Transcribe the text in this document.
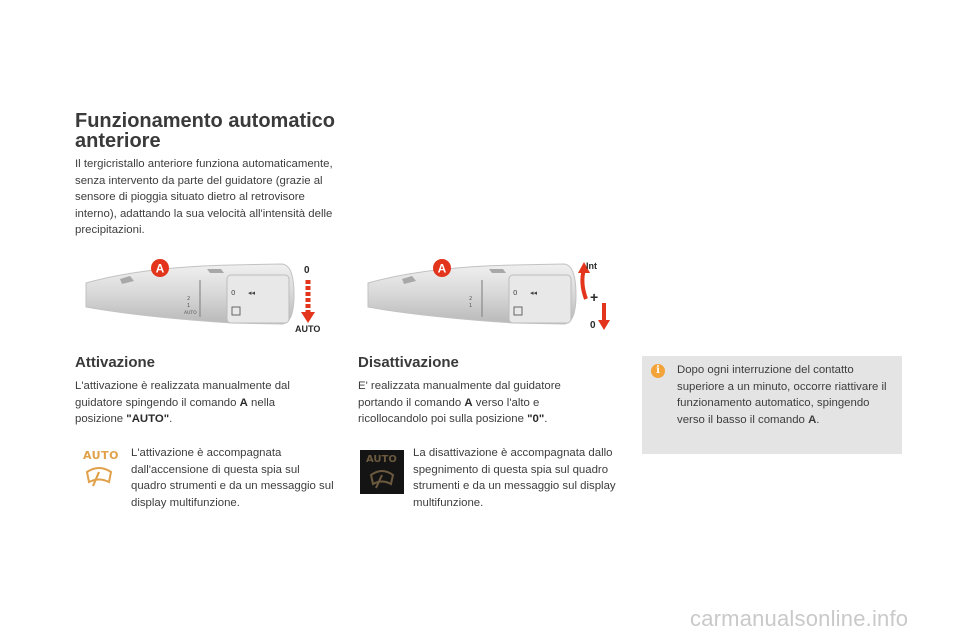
Funzionamento automatico anteriore
Il tergicristallo anteriore funziona automaticamente, senza intervento da parte del guidatore (grazie al sensore di pioggia situato dietro al retrovisore interno), adattando la sua velocità all'intensità delle precipitazioni.
2
1
AUTO
0 ◂◂
A	0
AUTO
2
1
0 ◂◂
A	Int
+
0
Attivazione
L'attivazione è realizzata manualmente dal guidatore spingendo il comando A nella posizione "AUTO".
AUTO L'attivazione è accompagnata dall'accensione di questa spia sul quadro strumenti e da un messaggio sul display multifunzione.
Disattivazione
E' realizzata manualmente dal guidatore portando il comando A verso l'alto e ricollocandolo poi sulla posizione "0".
AUTO
La disattivazione è accompagnata dallo spegnimento di questa spia sul quadro strumenti e da un messaggio sul display multifunzione.
i	Dopo ogni interruzione del contatto superiore a un minuto, occorre riattivare il funzionamento automatico, spingendo verso il basso il comando A.
carmanualsonline.info
